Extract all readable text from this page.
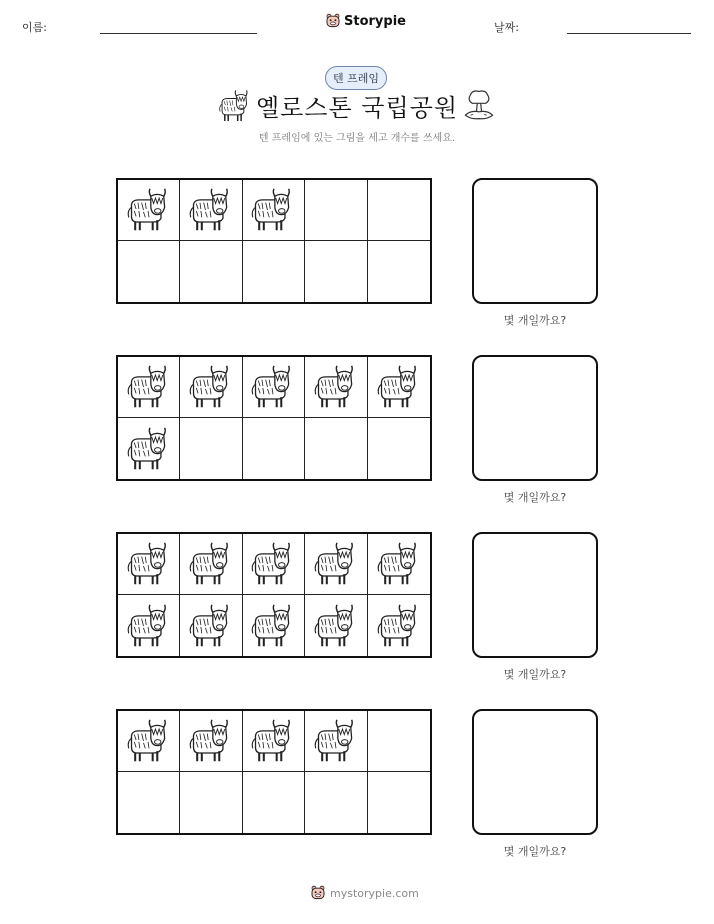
이름:	Storypie	날짜:
텐 프레임
옐로스톤 국립공원
텐 프레임에 있는 그림을 세고 개수를 쓰세요.
몇 개일까요?
몇 개일까요?
몇 개일까요?
몇 개일까요?
mystorypie.com
